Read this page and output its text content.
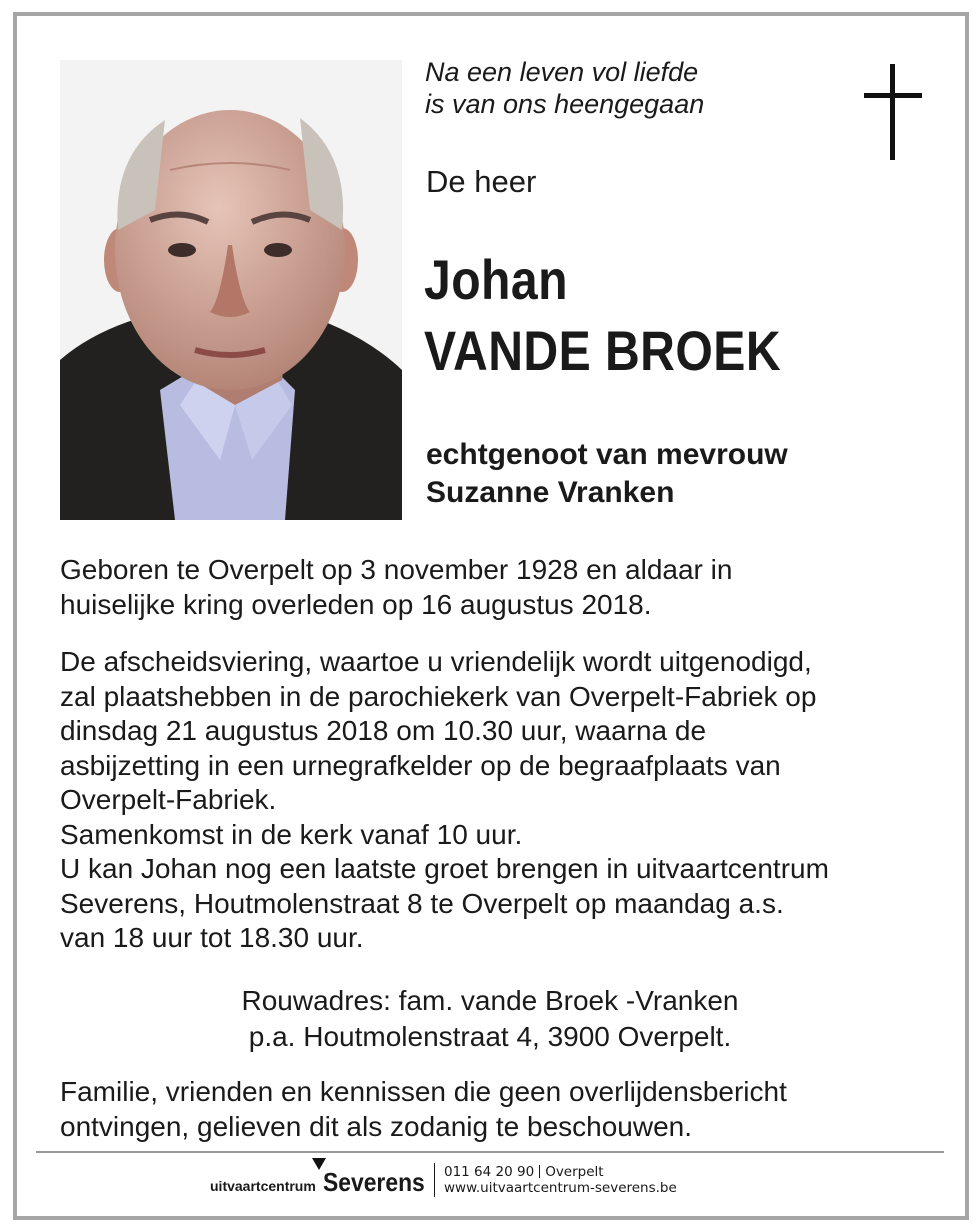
Na een leven vol liefde
is van ons heengegaan
De heer
Johan
VANDE BROEK
echtgenoot van mevrouw
Suzanne Vranken

Geboren te Overpelt op 3 november 1928 en aldaar in

huiselijke kring overleden op 16 augustus 2018.

De afscheidsviering, waartoe u vriendelijk wordt uitgenodigd,

zal plaatshebben in de parochiekerk van Overpelt-Fabriek op

dinsdag 21 augustus 2018 om 10.30 uur, waarna de

asbijzetting in een urnegrafkelder op de begraafplaats van

Overpelt-Fabriek.

Samenkomst in de kerk vanaf 10 uur.

U kan Johan nog een laatste groet brengen in uitvaartcentrum

Severens, Houtmolenstraat 8 te Overpelt op maandag a.s.

van 18 uur tot 18.30 uur.

Rouwadres: fam. vande Broek -Vranken
p.a. Houtmolenstraat 4, 3900 Overpelt.

Familie, vrienden en kennissen die geen overlijdensbericht

ontvingen, gelieven dit als zodanig te beschouwen.

uitvaartcentrum Severens 011 64 20 90 Overpelt
www.uitvaartcentrum-severens.be
